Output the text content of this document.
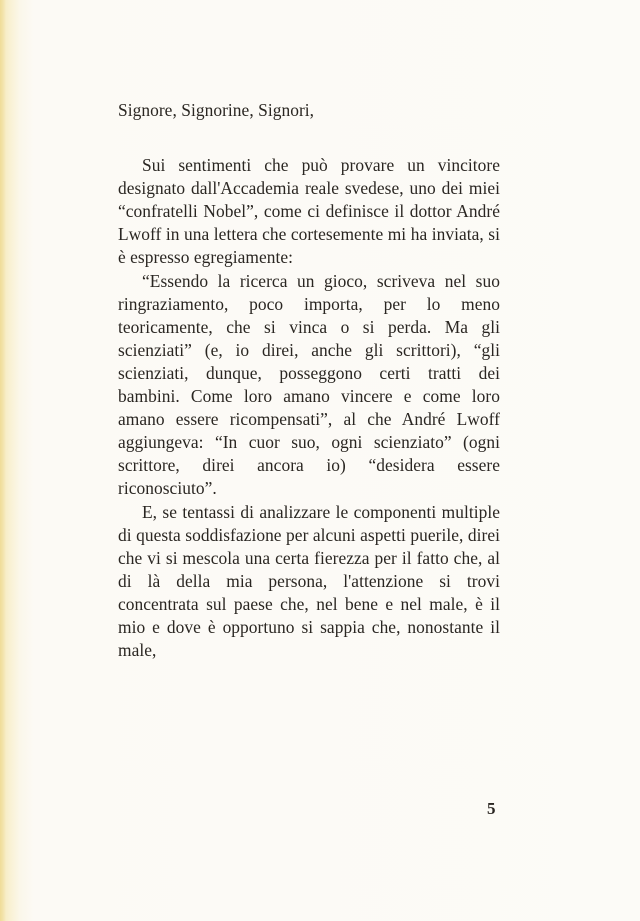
Signore, Signorine, Signori,

Sui sentimenti che può provare un vincitore designato dall'Accademia reale svedese, uno dei miei “confratelli Nobel”, come ci definisce il dottor André Lwoff in una lettera che cortesemente mi ha inviata, si è espresso egregiamente:

“Essendo la ricerca un gioco, scriveva nel suo ringraziamento, poco importa, per lo meno teoricamente, che si vinca o si perda. Ma gli scienziati” (e, io direi, anche gli scrittori), “gli scienziati, dunque, posseggono certi tratti dei bambini. Come loro amano vincere e come loro amano essere ricompensati”, al che André Lwoff aggiungeva: “In cuor suo, ogni scienziato” (ogni scrittore, direi ancora io) “desidera essere riconosciuto”.

E, se tentassi di analizzare le componenti multiple di questa soddisfazione per alcuni aspetti puerile, direi che vi si mescola una certa fierezza per il fatto che, al di là della mia persona, l'attenzione si trovi concentrata sul paese che, nel bene e nel male, è il mio e dove è opportuno si sappia che, nonostante il male,

5
